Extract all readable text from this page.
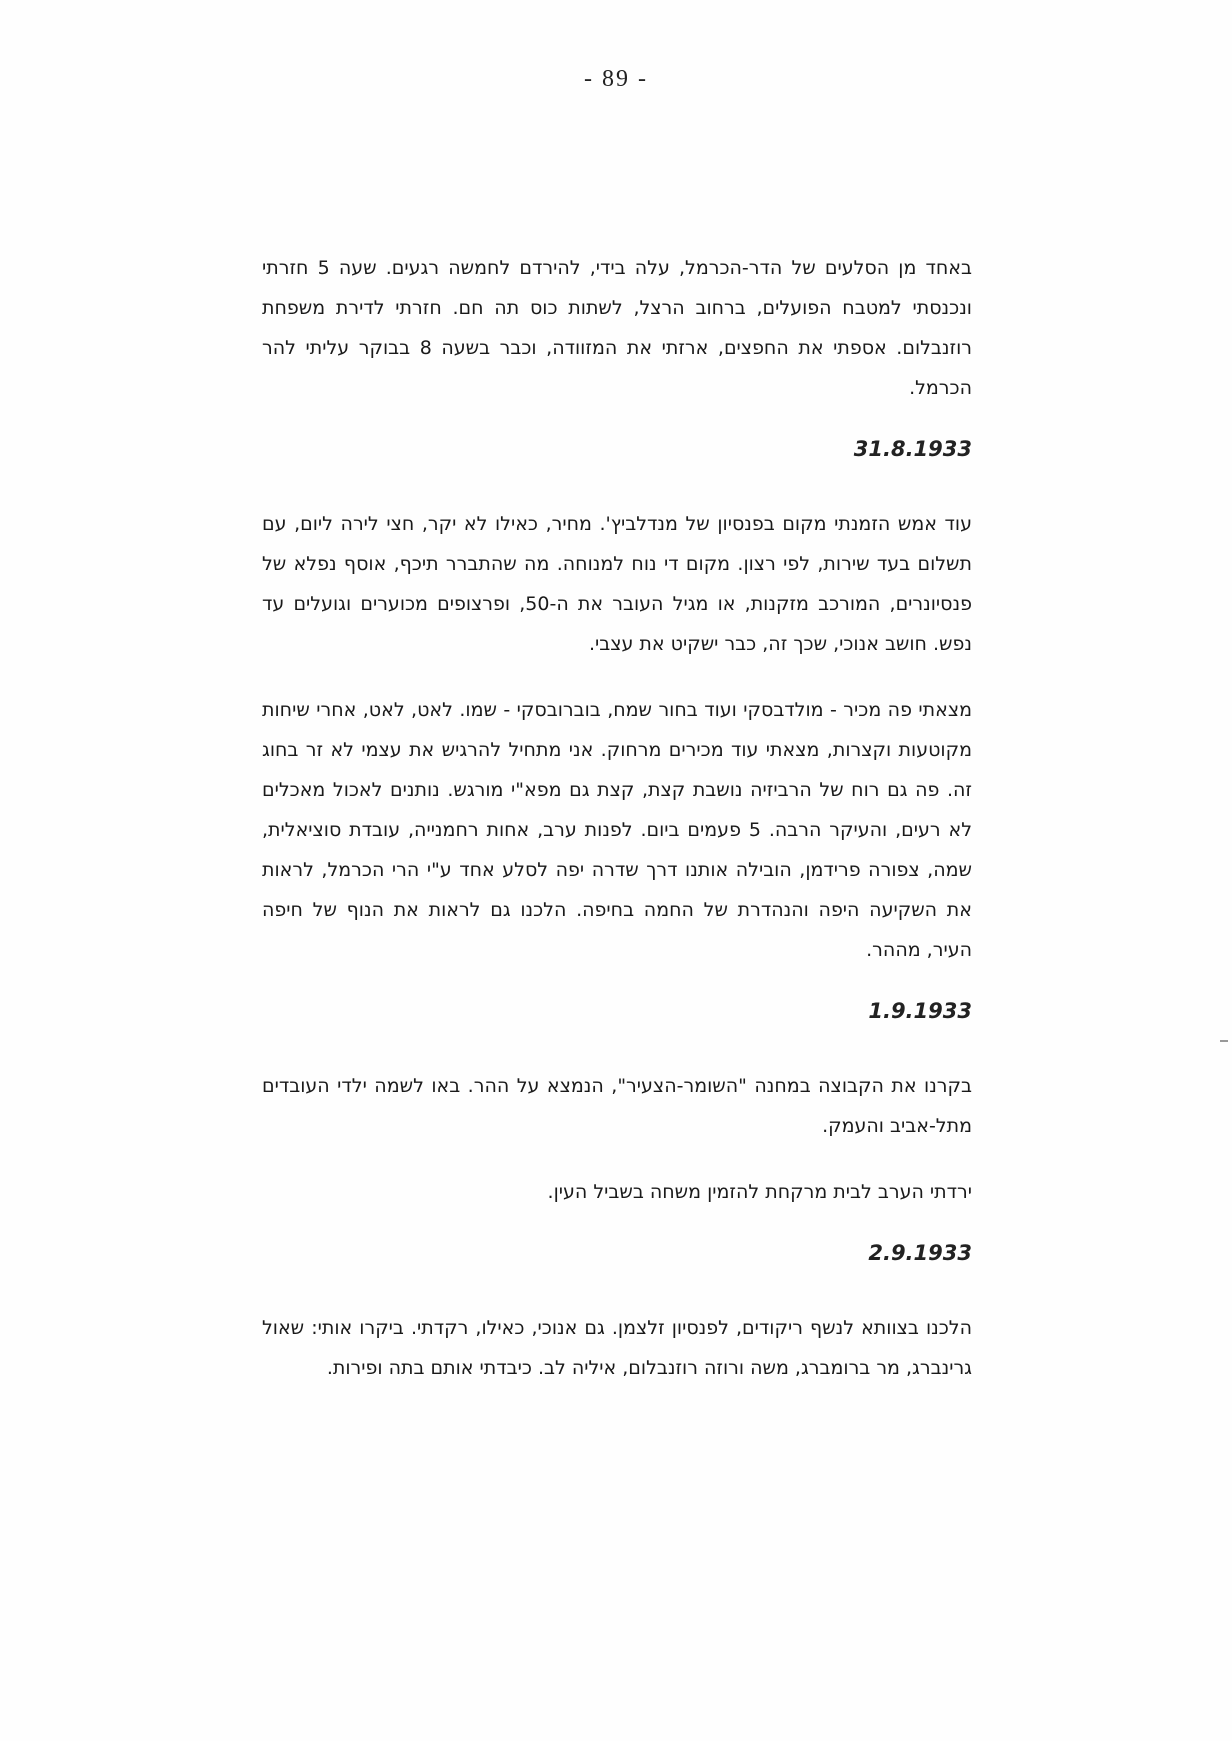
- 89 -

באחד מן הסלעים של הדר-הכרמל, עלה בידי, להירדם לחמשה רגעים. שעה 5 חזרתי ונכנסתי למטבח הפועלים, ברחוב הרצל, לשתות כוס תה חם. חזרתי לדירת משפחת רוזנבלום. אספתי את החפצים, ארזתי את המזוודה, וכבר בשעה 8 בבוקר עליתי להר הכרמל.

31.8.1933

עוד אמש הזמנתי מקום בפנסיון של מנדלביץ'. מחיר, כאילו לא יקר, חצי לירה ליום, עם תשלום בעד שירות, לפי רצון. מקום די נוח למנוחה. מה שהתברר תיכף, אוסף נפלא של פנסיונרים, המורכב מזקנות, או מגיל העובר את ה-50, ופרצופים מכוערים וגועלים עד נפש. חושב אנוכי, שכך זה, כבר ישקיט את עצבי.

מצאתי פה מכיר - מולדבסקי ועוד בחור שמח, בוברובסקי - שמו. לאט, לאט, אחרי שיחות מקוטעות וקצרות, מצאתי עוד מכירים מרחוק. אני מתחיל להרגיש את עצמי לא זר בחוג זה. פה גם רוח של הרביזיה נושבת קצת, קצת גם מפא"י מורגש. נותנים לאכול מאכלים לא רעים, והעיקר הרבה. 5 פעמים ביום. לפנות ערב, אחות רחמנייה, עובדת סוציאלית, שמה, צפורה פרידמן, הובילה אותנו דרך שדרה יפה לסלע אחד ע"י הרי הכרמל, לראות את השקיעה היפה והנהדרת של החמה בחיפה. הלכנו גם לראות את הנוף של חיפה העיר, מההר.

1.9.1933

בקרנו את הקבוצה במחנה "השומר-הצעיר", הנמצא על ההר. באו לשמה ילדי העובדים מתל-אביב והעמק.

ירדתי הערב לבית מרקחת להזמין משחה בשביל העין.

2.9.1933

הלכנו בצוותא לנשף ריקודים, לפנסיון זלצמן. גם אנוכי, כאילו, רקדתי. ביקרו אותי: שאול גרינברג, מר ברומברג, משה ורוזה רוזנבלום, איליה לב. כיבדתי אותם בתה ופירות.
